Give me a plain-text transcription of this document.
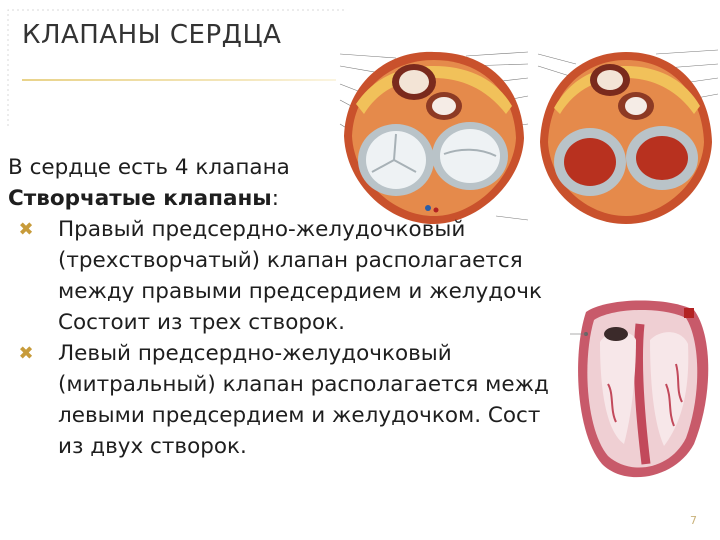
КЛАПАНЫ СЕРДЦА
В сердце есть 4 клапана
Створчатые клапаны:
✖ Правый предсердно-желудочковый
(трехстворчатый) клапан располагается
между правыми предсердием и желудочк
Состоит из трех створок.
✖ Левый предсердно-желудочковый
(митральный) клапан располагается межд
левыми предсердием и желудочком. Сост
из двух створок.
7
